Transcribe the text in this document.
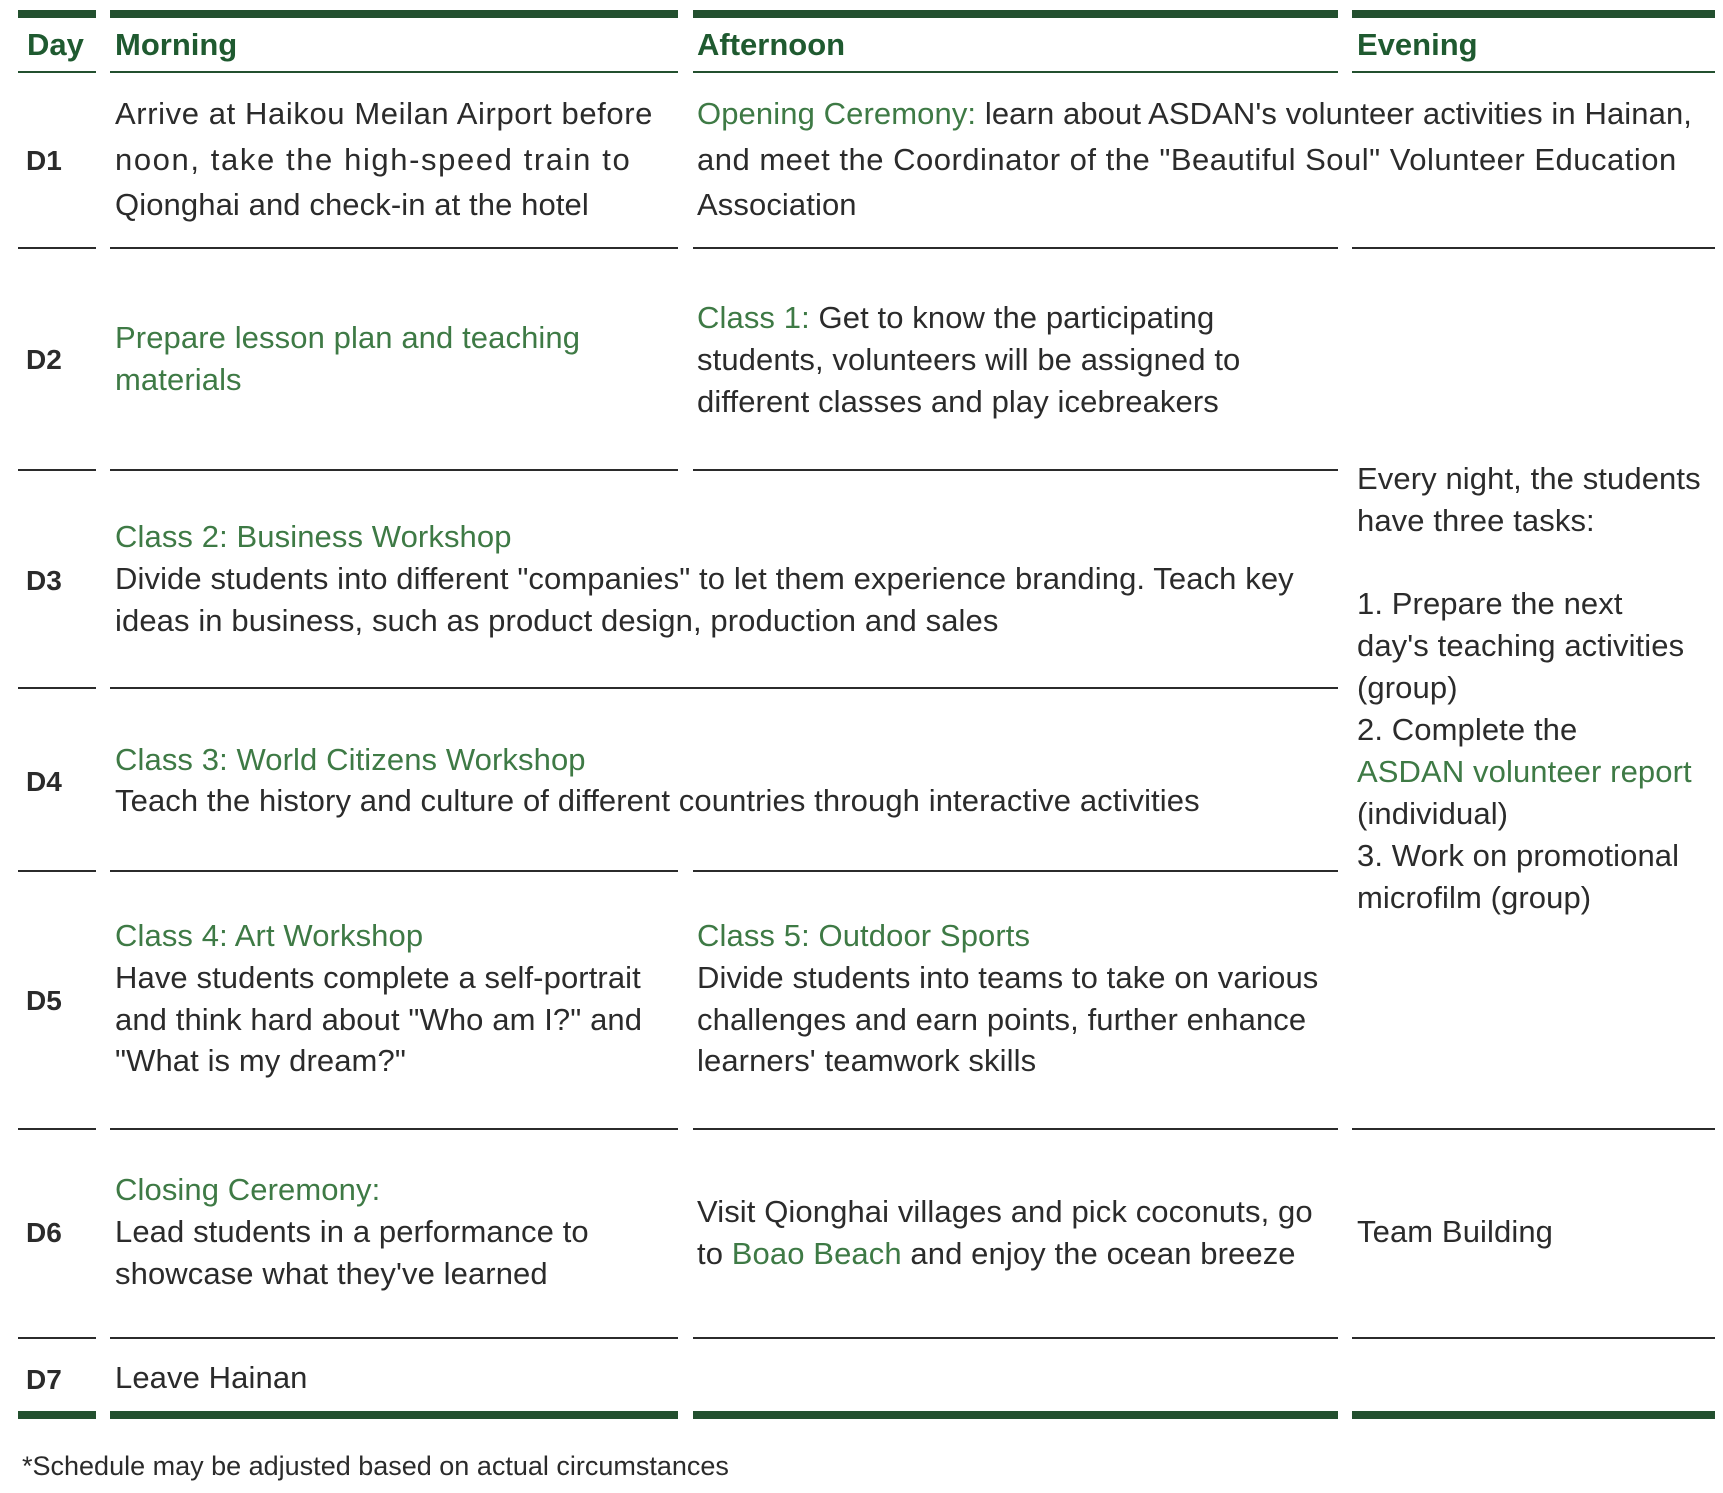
Day Morning	Afternoon	Evening
D1
Arrive at Haikou Meilan Airport before
noon, take the high-speed train to
Qionghai and check-in at the hotel
Opening Ceremony: learn about ASDAN's volunteer activities in Hainan,
and meet the Coordinator of the "Beautiful Soul" Volunteer Education
Association
D2
Prepare lesson plan and teaching
materials
Class 1: Get to know the participating
students, volunteers will be assigned to
different classes and play icebreakers
D3
Class 2: Business Workshop
Divide students into different "companies" to let them experience branding. Teach key
ideas in business, such as product design, production and sales
D4
Class 3: World Citizens Workshop
Teach the history and culture of different countries through interactive activities
D5
Class 4: Art Workshop
Have students complete a self-portrait
and think hard about "Who am I?" and
"What is my dream?"
Class 5: Outdoor Sports
Divide students into teams to take on various
challenges and earn points, further enhance
learners' teamwork skills
Every night, the students
have three tasks:
1. Prepare the next
day's teaching activities
(group)
2. Complete the
ASDAN volunteer report
(individual)
3. Work on promotional
microfilm (group)
D6
Closing Ceremony:
Lead students in a performance to
showcase what they've learned
Visit Qionghai villages and pick coconuts, go
to Boao Beach and enjoy the ocean breeze
Team Building
D7 Leave Hainan
*Schedule may be adjusted based on actual circumstances
